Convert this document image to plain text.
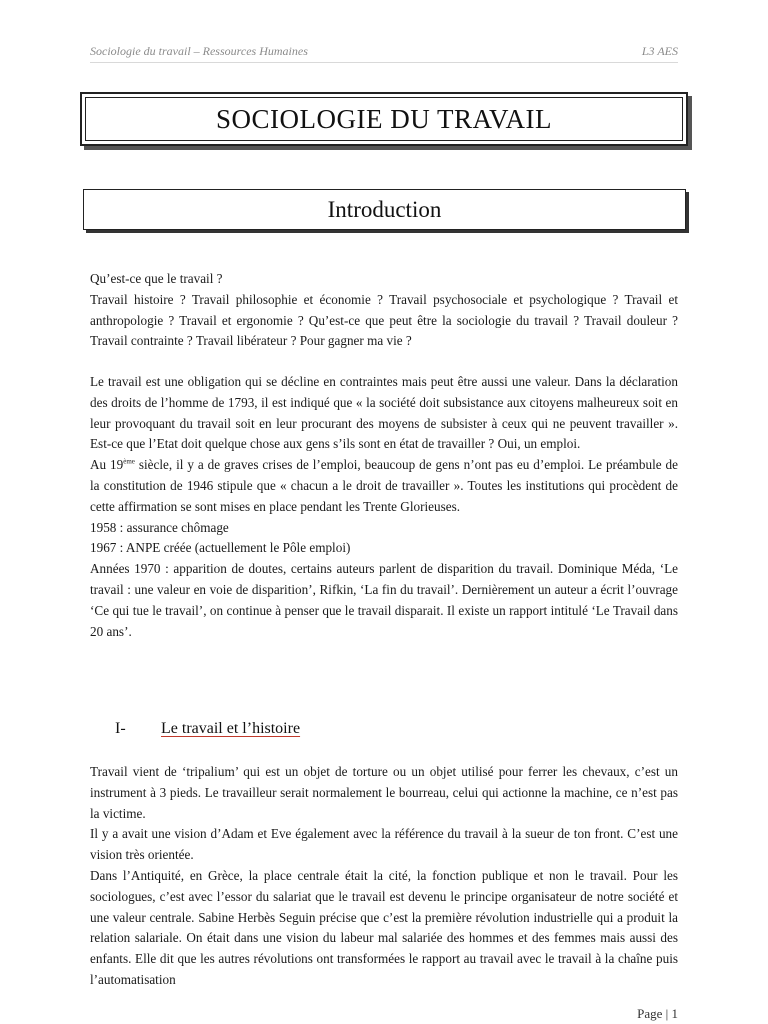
Sociologie du travail – Ressources Humaines	L3 AES
SOCIOLOGIE DU TRAVAIL
Introduction

Qu’est-ce que le travail ?

Travail histoire ? Travail philosophie et économie ? Travail psychosociale et psychologique ? Travail et anthropologie ? Travail et ergonomie ? Qu’est-ce que peut être la sociologie du travail ? Travail douleur ? Travail contrainte ? Travail libérateur ? Pour gagner ma vie ?

Le travail est une obligation qui se décline en contraintes mais peut être aussi une valeur. Dans la déclaration des droits de l’homme de 1793, il est indiqué que « la société doit subsistance aux citoyens malheureux soit en leur provoquant du travail soit en leur procurant des moyens de subsister à ceux qui ne peuvent travailler ». Est-ce que l’Etat doit quelque chose aux gens s’ils sont en état de travailler ? Oui, un emploi.

Au 19ème siècle, il y a de graves crises de l’emploi, beaucoup de gens n’ont pas eu d’emploi. Le préambule de la constitution de 1946 stipule que « chacun a le droit de travailler ». Toutes les institutions qui procèdent de cette affirmation se sont mises en place pendant les Trente Glorieuses.

1958 : assurance chômage

1967 : ANPE créée (actuellement le Pôle emploi)

Années 1970 : apparition de doutes, certains auteurs parlent de disparition du travail. Dominique Méda, ‘Le travail : une valeur en voie de disparition’, Rifkin, ‘La fin du travail’. Dernièrement un auteur a écrit l’ouvrage ‘Ce qui tue le travail’, on continue à penser que le travail disparait. Il existe un rapport intitulé ‘Le Travail dans 20 ans’.

I-	Le travail et l’histoire

Travail vient de ‘tripalium’ qui est un objet de torture ou un objet utilisé pour ferrer les chevaux, c’est un instrument à 3 pieds. Le travailleur serait normalement le bourreau, celui qui actionne la machine, ce n’est pas la victime.

Il y a avait une vision d’Adam et Eve également avec la référence du travail à la sueur de ton front. C’est une vision très orientée.

Dans l’Antiquité, en Grèce, la place centrale était la cité, la fonction publique et non le travail. Pour les sociologues, c’est avec l’essor du salariat que le travail est devenu le principe organisateur de notre société et une valeur centrale. Sabine Herbès Seguin précise que c’est la première révolution industrielle qui a produit la relation salariale. On était dans une vision du labeur mal salariée des hommes et des femmes mais aussi des enfants. Elle dit que les autres révolutions ont transformées le rapport au travail avec le travail à la chaîne puis l’automatisation

Page | 1
